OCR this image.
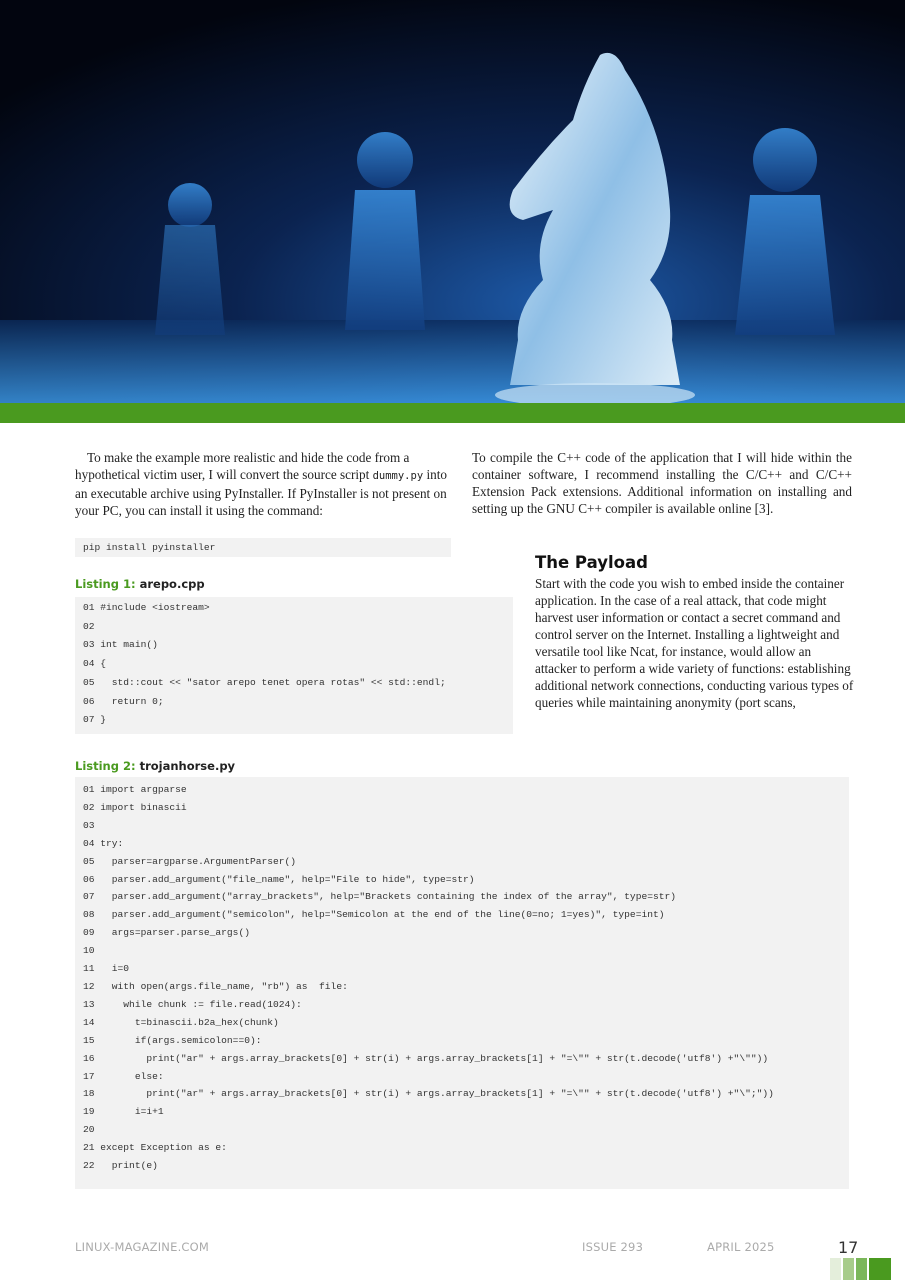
To make the example more realistic and hide the code from a hypothetical victim user, I will convert the source script dummy.py into an executable archive using PyInstaller. If PyInstaller is not present on your PC, you can install it using the command:

pip install pyinstaller
Listing 1: arepo.cpp
01 #include <iostream>
02
03 int main()
04 {
05   std::cout << "sator arepo tenet opera rotas" << std::endl;
06   return 0;
07 }

To compile the C++ code of the application that I will hide within the container software, I recommend installing the C/C++ and C/C++ Extension Pack extensions. Additional information on installing and setting up the GNU C++ compiler is available online [3].

The Payload

Start with the code you wish to embed inside the container application. In the case of a real attack, that code might harvest user information or contact a secret command and control server on the Internet. Installing a lightweight and versatile tool like Ncat, for instance, would allow an attacker to perform a wide variety of functions: establishing additional network connections, conducting various types of queries while maintaining anonymity (port scans,

Listing 2: trojanhorse.py
01 import argparse
02 import binascii
03
04 try:
05   parser=argparse.ArgumentParser()
06   parser.add_argument("file_name", help="File to hide", type=str)
07   parser.add_argument("array_brackets", help="Brackets containing the index of the array", type=str)
08   parser.add_argument("semicolon", help="Semicolon at the end of the line(0=no; 1=yes)", type=int)
09   args=parser.parse_args()
10
11   i=0
12   with open(args.file_name, "rb") as  file:
13     while chunk := file.read(1024):
14       t=binascii.b2a_hex(chunk)
15       if(args.semicolon==0):
16         print("ar" + args.array_brackets[0] + str(i) + args.array_brackets[1] + "=\"" + str(t.decode('utf8') +"\""))
17       else:
18         print("ar" + args.array_brackets[0] + str(i) + args.array_brackets[1] + "=\"" + str(t.decode('utf8') +"\";"))
19       i=i+1
20
21 except Exception as e:
22   print(e)
LINUX-MAGAZINE.COM	ISSUE 293	APRIL 2025	17
